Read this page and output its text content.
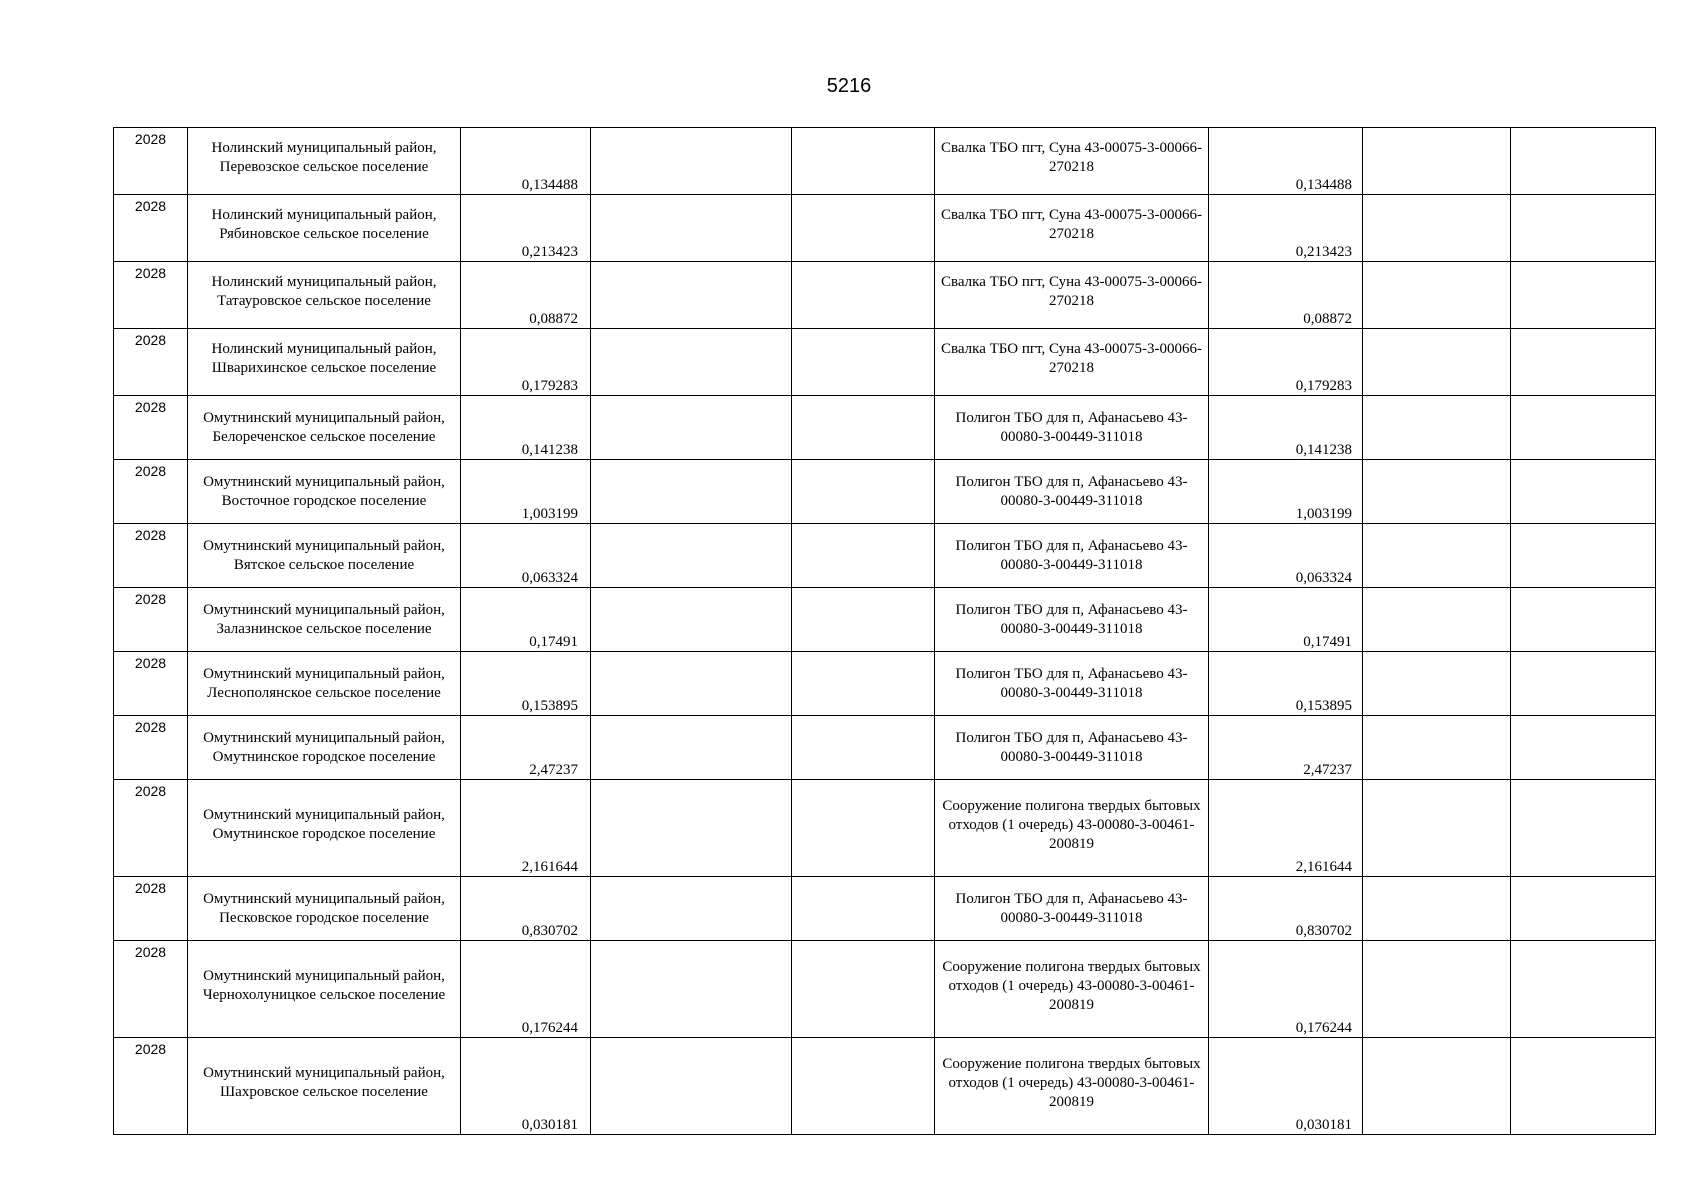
5216
2028	Нолинский муниципальный район, Перевозское сельское поселение	0,134488			Свалка ТБО пгт, Суна 43-00075-3-00066-270218	0,134488		
2028	Нолинский муниципальный район, Рябиновское сельское поселение	0,213423			Свалка ТБО пгт, Суна 43-00075-3-00066-270218	0,213423		
2028	Нолинский муниципальный район, Татауровское сельское поселение	0,08872			Свалка ТБО пгт, Суна 43-00075-3-00066-270218	0,08872		
2028	Нолинский муниципальный район, Шварихинское сельское поселение	0,179283			Свалка ТБО пгт, Суна 43-00075-3-00066-270218	0,179283		
2028	Омутнинский муниципальный район, Белореченское сельское поселение	0,141238			Полигон ТБО для п, Афанасьево 43-00080-3-00449-311018	0,141238		
2028	Омутнинский муниципальный район, Восточное городское поселение	1,003199			Полигон ТБО для п, Афанасьево 43-00080-3-00449-311018	1,003199		
2028	Омутнинский муниципальный район, Вятское сельское поселение	0,063324			Полигон ТБО для п, Афанасьево 43-00080-3-00449-311018	0,063324		
2028	Омутнинский муниципальный район, Залазнинское сельское поселение	0,17491			Полигон ТБО для п, Афанасьево 43-00080-3-00449-311018	0,17491		
2028	Омутнинский муниципальный район, Леснополянское сельское поселение	0,153895			Полигон ТБО для п, Афанасьево 43-00080-3-00449-311018	0,153895		
2028	Омутнинский муниципальный район, Омутнинское городское поселение	2,47237			Полигон ТБО для п, Афанасьево 43-00080-3-00449-311018	2,47237		
2028	Омутнинский муниципальный район, Омутнинское городское поселение	2,161644			Сооружение полигона твердых бытовых отходов (1 очередь) 43-00080-3-00461-200819	2,161644		
2028	Омутнинский муниципальный район, Песковское городское поселение	0,830702			Полигон ТБО для п, Афанасьево 43-00080-3-00449-311018	0,830702		
2028	Омутнинский муниципальный район, Чернохолуницкое сельское поселение	0,176244			Сооружение полигона твердых бытовых отходов (1 очередь) 43-00080-3-00461-200819	0,176244		
2028	Омутнинский муниципальный район, Шахровское сельское поселение	0,030181			Сооружение полигона твердых бытовых отходов (1 очередь) 43-00080-3-00461-200819	0,030181		
